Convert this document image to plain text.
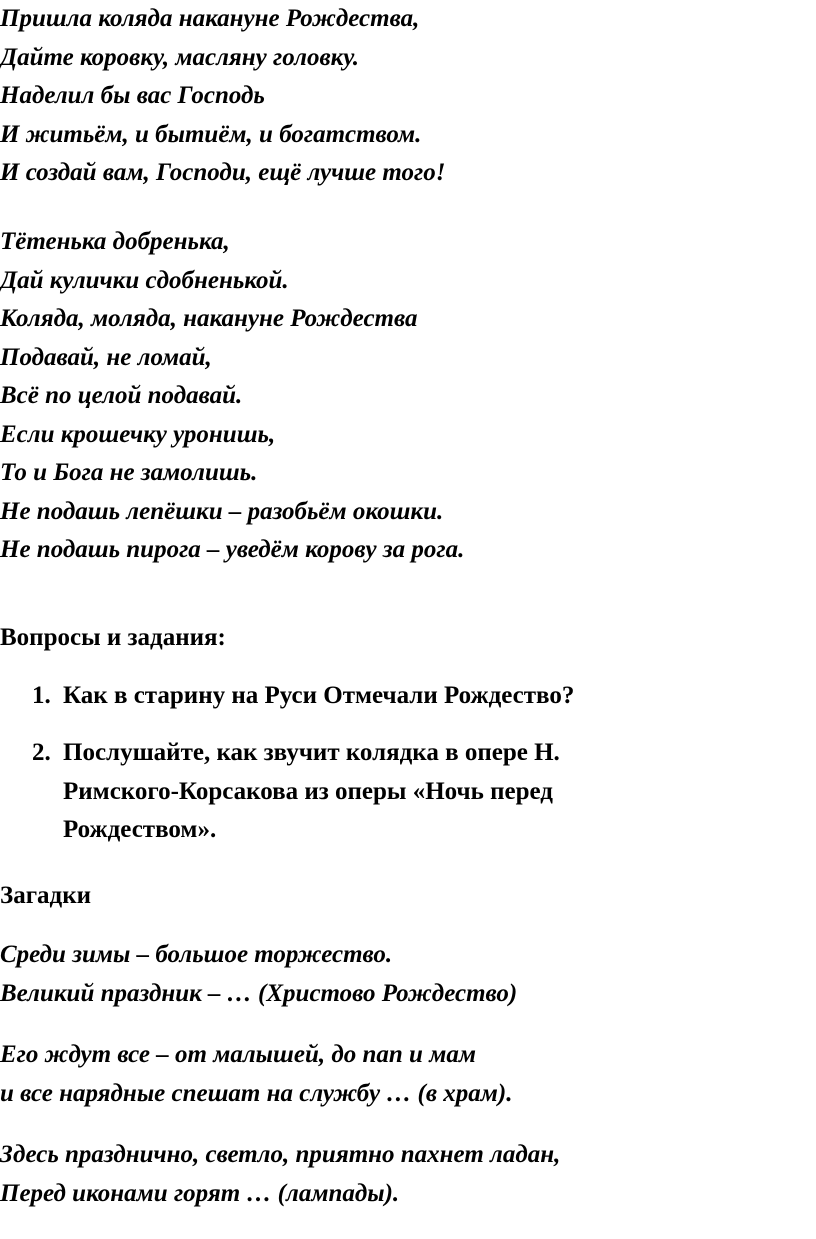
Пришла коляда накануне Рождества,
Дайте коровку, масляну головку.
Наделил бы вас Господь
И житьём, и бытиём, и богатством.
И создай вам, Господи, ещё лучше того!
Тётенька добренька,
Дай кулички сдобненькой.
Коляда, моляда, накануне Рождества
Подавай, не ломай,
Всё по целой подавай.
Если крошечку уронишь,
То и Бога не замолишь.
Не подашь лепёшки – разобьём окошки.
Не подашь пирога – уведём корову за рога.
Вопросы и задания:
1. Как в старину на Руси Отмечали Рождество?
2. Послушайте, как звучит колядка в опере Н.
Римского-Корсакова из оперы «Ночь перед
Рождеством».
Загадки
Среди зимы – большое торжество.
Великий праздник – … (Христово Рождество)
Его ждут все – от малышей, до пап и мам
и все нарядные спешат на службу … (в храм).
Здесь празднично, светло, приятно пахнет ладан,
Перед иконами горят … (лампады).
